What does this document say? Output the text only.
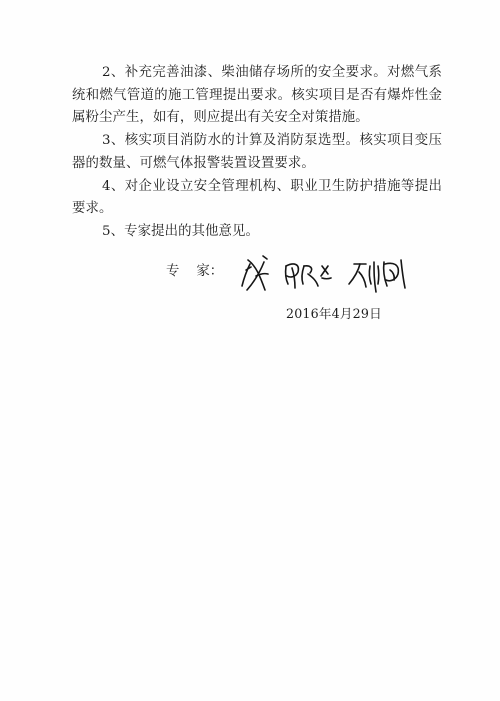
2、补充完善油漆、柴油储存场所的安全要求。对燃气系统和燃气管道的施工管理提出要求。核实项目是否有爆炸性金属粉尘产生，如有，则应提出有关安全对策措施。

3、核实项目消防水的计算及消防泵选型。核实项目变压器的数量、可燃气体报警装置设置要求。

4、对企业设立安全管理机构、职业卫生防护措施等提出要求。

5、专家提出的其他意见。

专    家：
2016年4月29日
